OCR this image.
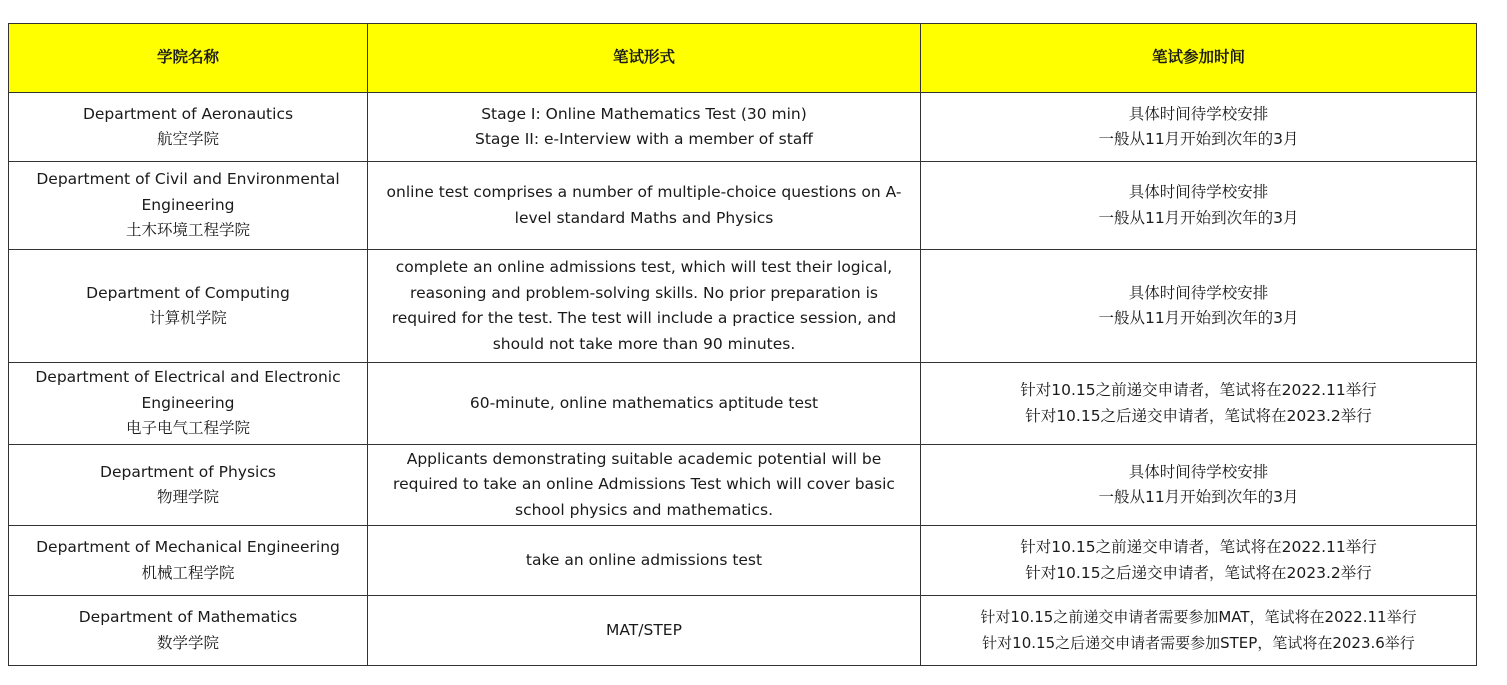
学院名称	笔试形式	笔试参加时间

Department of Aeronautics
航空学院	Stage I: Online Mathematics Test (30 min)
Stage II: e-Interview with a member of staff	具体时间待学校安排
一般从11月开始到次年的3月

Department of Civil and Environmental Engineering
土木环境工程学院	online test comprises a number of multiple-choice questions on A-level standard Maths and Physics	具体时间待学校安排
一般从11月开始到次年的3月

Department of Computing
计算机学院	complete an online admissions test, which will test their logical, reasoning and problem-solving skills. No prior preparation is required for the test. The test will include a practice session, and should not take more than 90 minutes.	具体时间待学校安排
一般从11月开始到次年的3月

Department of Electrical and Electronic Engineering
电子电气工程学院	60-minute, online mathematics aptitude test	针对10.15之前递交申请者，笔试将在2022.11举行
针对10.15之后递交申请者，笔试将在2023.2举行

Department of Physics
物理学院	Applicants demonstrating suitable academic potential will be required to take an online Admissions Test which will cover basic school physics and mathematics.	具体时间待学校安排
一般从11月开始到次年的3月

Department of Mechanical Engineering
机械工程学院	take an online admissions test	针对10.15之前递交申请者，笔试将在2022.11举行
针对10.15之后递交申请者，笔试将在2023.2举行

Department of Mathematics
数学学院	MAT/STEP	针对10.15之前递交申请者需要参加MAT，笔试将在2022.11举行
针对10.15之后递交申请者需要参加STEP，笔试将在2023.6举行
